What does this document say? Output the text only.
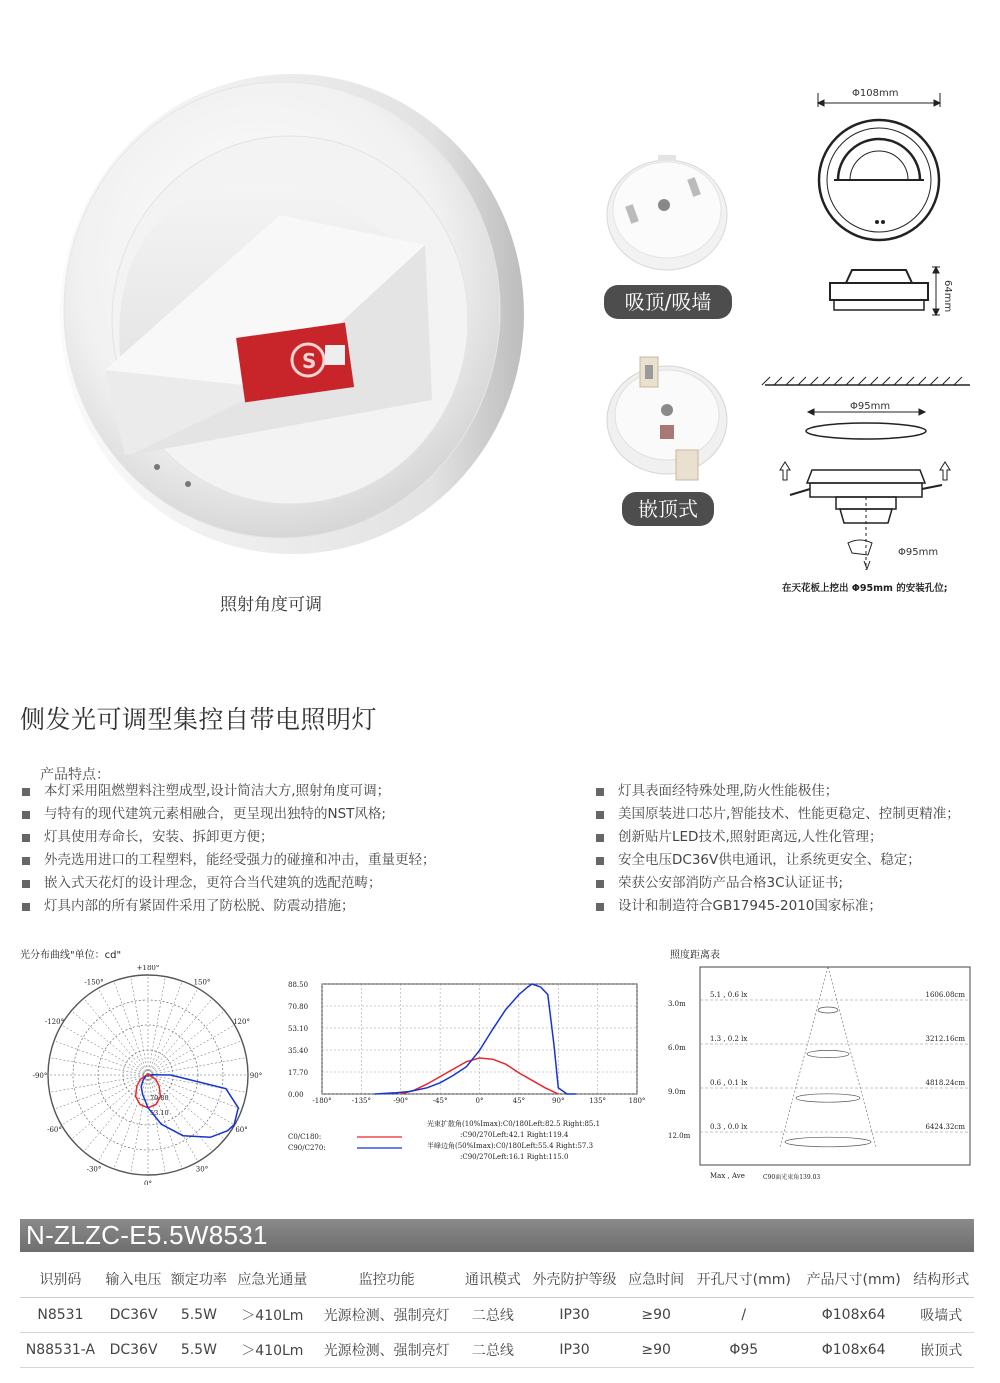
S
照射角度可调
吸顶/吸墙
嵌顶式
Φ108mm
64mm
Φ95mm
Φ95mm
在天花板上挖出 Φ95mm 的安装孔位;
侧发光可调型集控自带电照明灯
产品特点：
本灯采用阻燃塑料注塑成型,设计简洁大方,照射角度可调；
与特有的现代建筑元素相融合，更呈现出独特的NST风格;
灯具使用寿命长，安装、拆卸更方便；
外壳选用进口的工程塑料，能经受强力的碰撞和冲击，重量更轻；
嵌入式天花灯的设计理念，更符合当代建筑的选配范畴；
灯具内部的所有紧固件采用了防松脱、防震动措施；
灯具表面经特殊处理,防火性能极佳；
美国原装进口芯片,智能技术、性能更稳定、控制更精准；
创新贴片LED技术,照射距离远,人性化管理；
安全电压DC36V供电通讯，让系统更安全、稳定；
荣获公安部消防产品合格3C认证证书;
设计和制造符合GB17945-2010国家标准；
光分布曲线"单位：cd"	照度距离表
+180°
150°
120°
90°
60°
30°
0°
-30°
-60°
-90°
-120°
-150°
70.80
53.10
88.50
70.80
53.10
35.40
17.70
0.00
-180°	-135°	-90°	-45°	0°	45°	90°	135°	180°
C0/C180:
C90/C270:
光束扩散角(10%Imax):C0/180Left:82.5 Right:85.1
:C90/270Left:42.1 Right:119.4
半峰边角(50%Imax):C0/180Left:55.4 Right:57.3
:C90/270Left:16.1 Right:115.0
3.0m
5.1 , 0.6 lx	1606.08cm
6.0m
1.3 , 0.2 lx	3212.16cm
9.0m
0.6 , 0.1 lx	4818.24cm
12.0m
0.3 , 0.0 lx	6424.32cm
Max , Ave	C90面光束角139.03
N-ZLZC-E5.5W8531
识别码	输入电压	额定功率	应急光通量	监控功能	通讯模式	外壳防护等级	应急时间	开孔尺寸(mm)	产品尺寸(mm)	结构形式
N8531	DC36V	5.5W	＞410Lm	光源检测、强制亮灯	二总线	IP30	≥90	/	Φ108x64	吸墙式
N88531-A	DC36V	5.5W	＞410Lm	光源检测、强制亮灯	二总线	IP30	≥90	Φ95	Φ108x64	嵌顶式
